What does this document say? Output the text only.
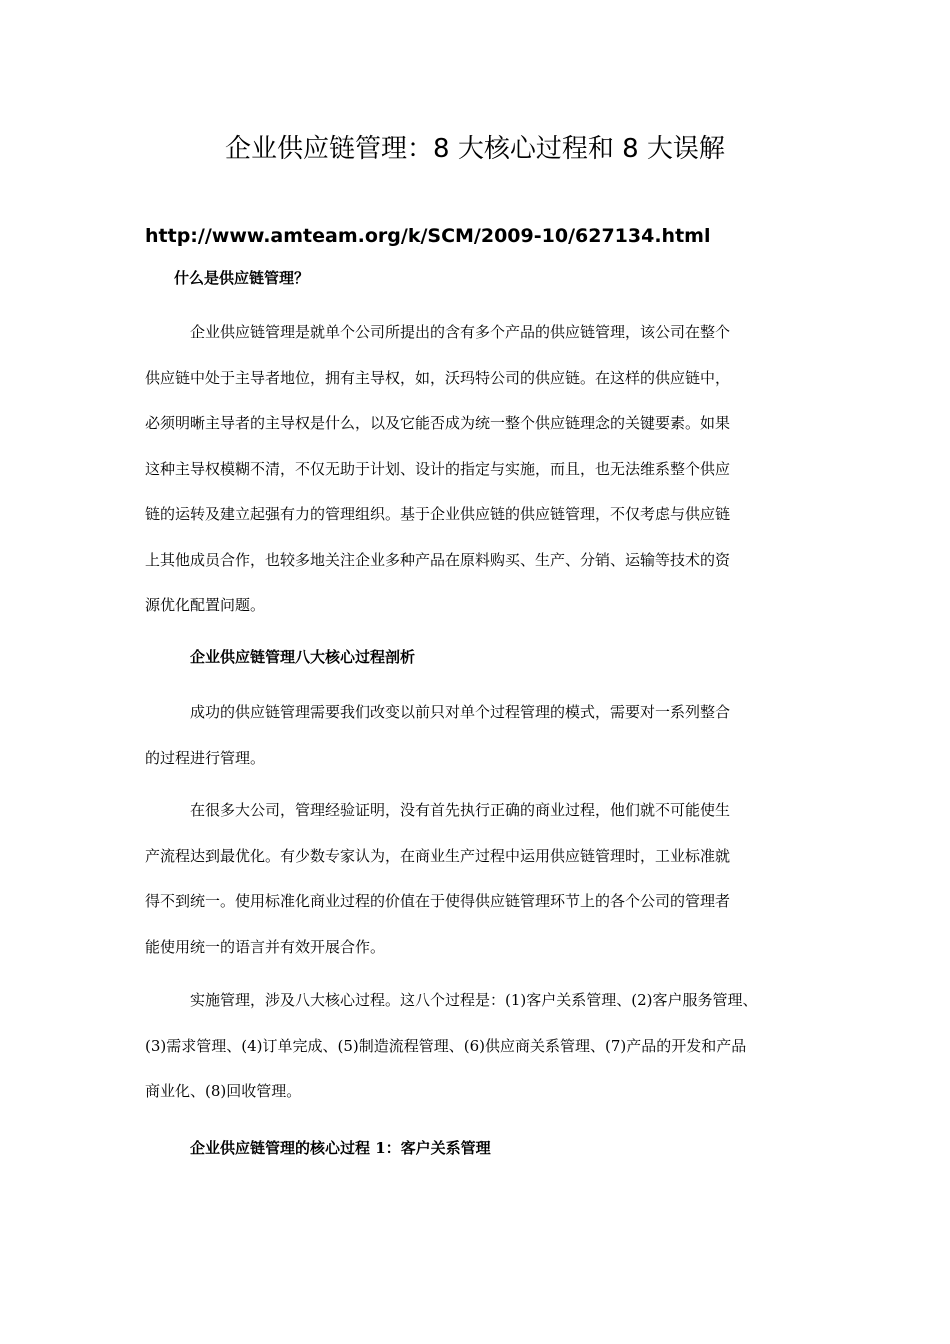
企业供应链管理：8 大核心过程和 8 大误解
http://www.amteam.org/k/SCM/2009-10/627134.html
什么是供应链管理？

企业供应链管理是就单个公司所提出的含有多个产品的供应链管理，该公司在整个
供应链中处于主导者地位，拥有主导权，如，沃玛特公司的供应链。在这样的供应链中，
必须明晰主导者的主导权是什么，以及它能否成为统一整个供应链理念的关键要素。如果
这种主导权模糊不清，不仅无助于计划、设计的指定与实施，而且，也无法维系整个供应
链的运转及建立起强有力的管理组织。基于企业供应链的供应链管理，不仅考虑与供应链
上其他成员合作，也较多地关注企业多种产品在原料购买、生产、分销、运输等技术的资
源优化配置问题。

企业供应链管理八大核心过程剖析

成功的供应链管理需要我们改变以前只对单个过程管理的模式，需要对一系列整合
的过程进行管理。

在很多大公司，管理经验证明，没有首先执行正确的商业过程，他们就不可能使生
产流程达到最优化。有少数专家认为，在商业生产过程中运用供应链管理时，工业标准就
得不到统一。使用标准化商业过程的价值在于使得供应链管理环节上的各个公司的管理者
能使用统一的语言并有效开展合作。

实施管理，涉及八大核心过程。这八个过程是：(1)客户关系管理、(2)客户服务管理、
(3)需求管理、(4)订单完成、(5)制造流程管理、(6)供应商关系管理、(7)产品的开发和产品
商业化、(8)回收管理。

企业供应链管理的核心过程 1：客户关系管理
